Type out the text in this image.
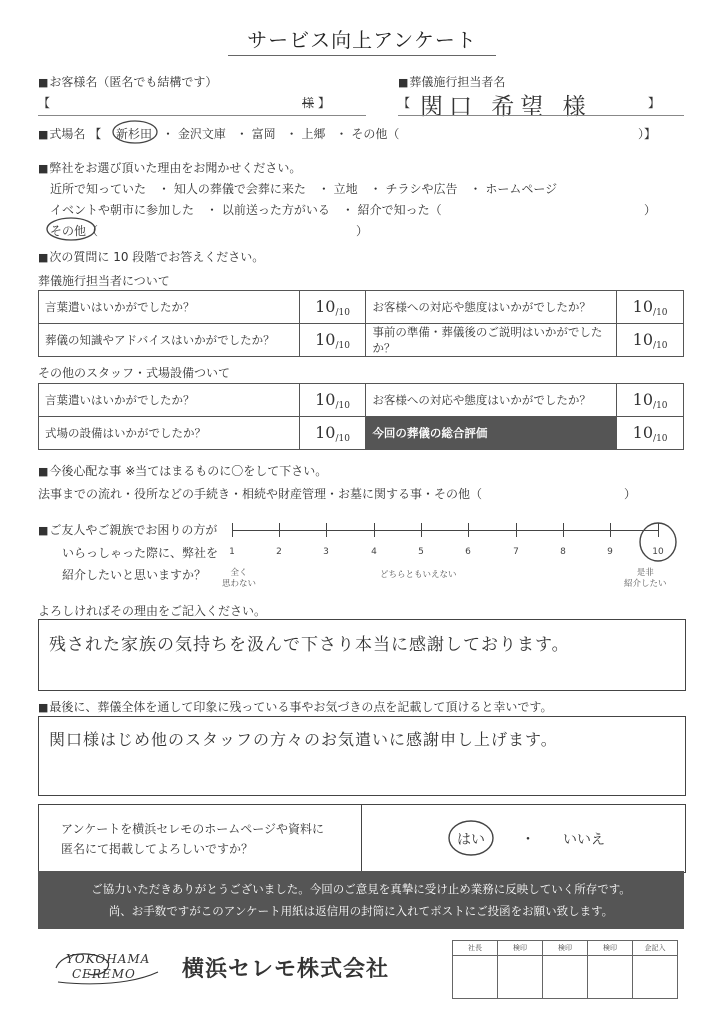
サービス向上アンケート
■ お客様名（匿名でも結構です）
【	様 】
■ 葬儀施行担当者名
【 関口 希望 様	】
■ 式場名 【 新杉田 ・ 金沢文庫 ・ 富岡 ・ 上郷 ・ その他（	）】
■ 弊社をお選び頂いた理由をお聞かせください。
近所で知っていた ・ 知人の葬儀で会葬に来た ・ 立地 ・ チラシや広告 ・ ホームページ
イベントや朝市に参加した ・ 以前送った方がいる ・ 紹介で知った（	）
その他（	）
■ 次の質問に 10 段階でお答えください。
葬儀施行担当者について
言葉遣いはいかがでしたか？	10/10	お客様への対応や態度はいかがでしたか？	10/10
葬儀の知識やアドバイスはいかがでしたか？	10/10	事前の準備・葬儀後のご説明はいかがでしたか？	10/10
その他のスタッフ・式場設備ついて
言葉遣いはいかがでしたか？	10/10	お客様への対応や態度はいかがでしたか？	10/10
式場の設備はいかがでしたか？	10/10	今回の葬儀の総合評価	10/10
■ 今後心配な事 ※当てはまるものに〇をして下さい。
法事までの流れ・役所などの手続き・相続や財産管理・お墓に関する事・その他（	）
■ ご友人やご親族でお困りの方が
いらっしゃった際に、弊社を
紹介したいと思いますか？
1	2	3	4	5	6	7	8	9	10
全く
思わない
どちらともいえない	是非
紹介したい
よろしければその理由をご記入ください。
残された家族の気持ちを汲んで下さり本当に感謝しております。
■ 最後に、葬儀全体を通して印象に残っている事やお気づきの点を記載して頂けると幸いです。
関口様はじめ他のスタッフの方々のお気遣いに感謝申し上げます。
アンケートを横浜セレモのホームページや資料に
匿名にて掲載してよろしいですか？
はい	・ いいえ
ご協力いただきありがとうございました。今回のご意見を真摯に受け止め業務に反映していく所存です。
尚、お手数ですがこのアンケート用紙は返信用の封筒に入れてポストにご投函をお願い致します。
YOKOHAMA
CEREMO 横浜セレモ株式会社
社長	検印	検印	検印	企記入
